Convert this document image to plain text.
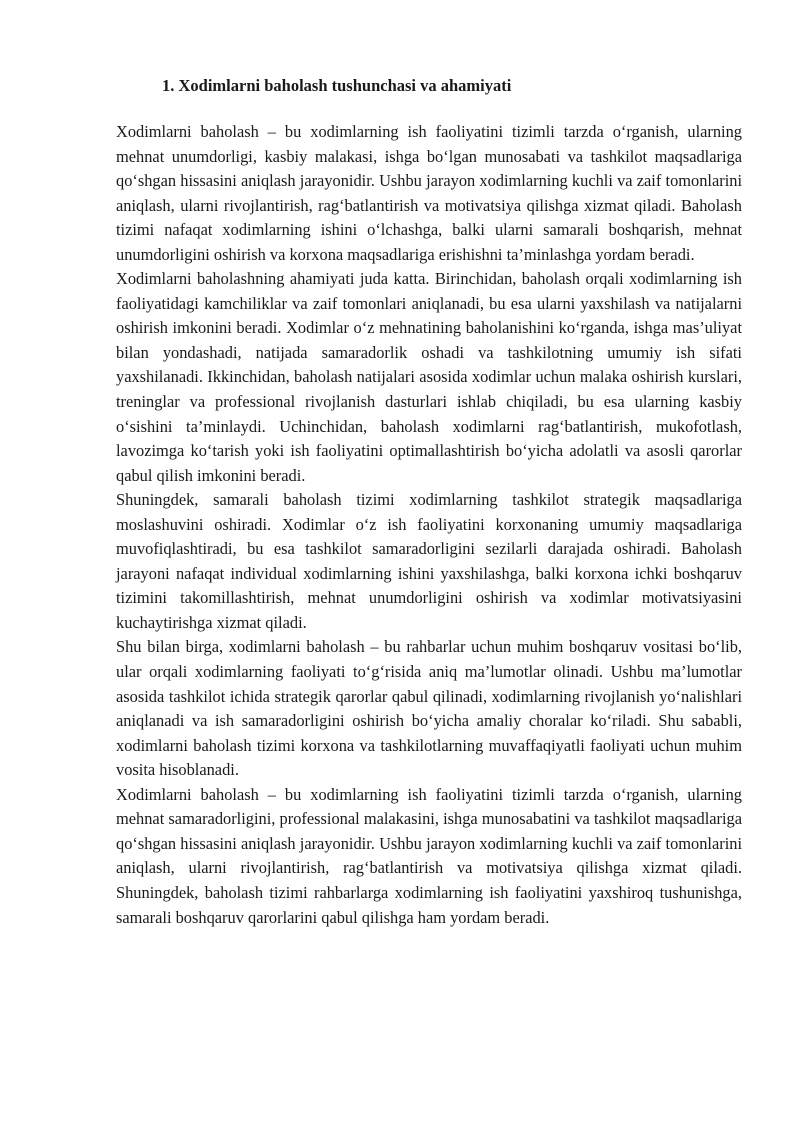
1. Xodimlarni baholash tushunchasi va ahamiyati

Xodimlarni baholash – bu xodimlarning ish faoliyatini tizimli tarzda o‘rganish, ularning mehnat unumdorligi, kasbiy malakasi, ishga bo‘lgan munosabati va tashkilot maqsadlariga qo‘shgan hissasini aniqlash jarayonidir. Ushbu jarayon xodimlarning kuchli va zaif tomonlarini aniqlash, ularni rivojlantirish, rag‘batlantirish va motivatsiya qilishga xizmat qiladi. Baholash tizimi nafaqat xodimlarning ishini o‘lchashga, balki ularni samarali boshqarish, mehnat unumdorligini oshirish va korxona maqsadlariga erishishni ta’minlashga yordam beradi.

Xodimlarni baholashning ahamiyati juda katta. Birinchidan, baholash orqali xodimlarning ish faoliyatidagi kamchiliklar va zaif tomonlari aniqlanadi, bu esa ularni yaxshilash va natijalarni oshirish imkonini beradi. Xodimlar o‘z mehnatining baholanishini ko‘rganda, ishga mas’uliyat bilan yondashadi, natijada samaradorlik oshadi va tashkilotning umumiy ish sifati yaxshilanadi. Ikkinchidan, baholash natijalari asosida xodimlar uchun malaka oshirish kurslari, treninglar va professional rivojlanish dasturlari ishlab chiqiladi, bu esa ularning kasbiy o‘sishini ta’minlaydi. Uchinchidan, baholash xodimlarni rag‘batlantirish, mukofotlash, lavozimga ko‘tarish yoki ish faoliyatini optimallashtirish bo‘yicha adolatli va asosli qarorlar qabul qilish imkonini beradi.

Shuningdek, samarali baholash tizimi xodimlarning tashkilot strategik maqsadlariga moslashuvini oshiradi. Xodimlar o‘z ish faoliyatini korxonaning umumiy maqsadlariga muvofiqlashtiradi, bu esa tashkilot samaradorligini sezilarli darajada oshiradi. Baholash jarayoni nafaqat individual xodimlarning ishini yaxshilashga, balki korxona ichki boshqaruv tizimini takomillashtirish, mehnat unumdorligini oshirish va xodimlar motivatsiyasini kuchaytirishga xizmat qiladi.

Shu bilan birga, xodimlarni baholash – bu rahbarlar uchun muhim boshqaruv vositasi bo‘lib, ular orqali xodimlarning faoliyati to‘g‘risida aniq ma’lumotlar olinadi. Ushbu ma’lumotlar asosida tashkilot ichida strategik qarorlar qabul qilinadi, xodimlarning rivojlanish yo‘nalishlari aniqlanadi va ish samaradorligini oshirish bo‘yicha amaliy choralar ko‘riladi. Shu sababli, xodimlarni baholash tizimi korxona va tashkilotlarning muvaffaqiyatli faoliyati uchun muhim vosita hisoblanadi.

Xodimlarni baholash – bu xodimlarning ish faoliyatini tizimli tarzda o‘rganish, ularning mehnat samaradorligini, professional malakasini, ishga munosabatini va tashkilot maqsadlariga qo‘shgan hissasini aniqlash jarayonidir. Ushbu jarayon xodimlarning kuchli va zaif tomonlarini aniqlash, ularni rivojlantirish, rag‘batlantirish va motivatsiya qilishga xizmat qiladi. Shuningdek, baholash tizimi rahbarlarga xodimlarning ish faoliyatini yaxshiroq tushunishga, samarali boshqaruv qarorlarini qabul qilishga ham yordam beradi.
